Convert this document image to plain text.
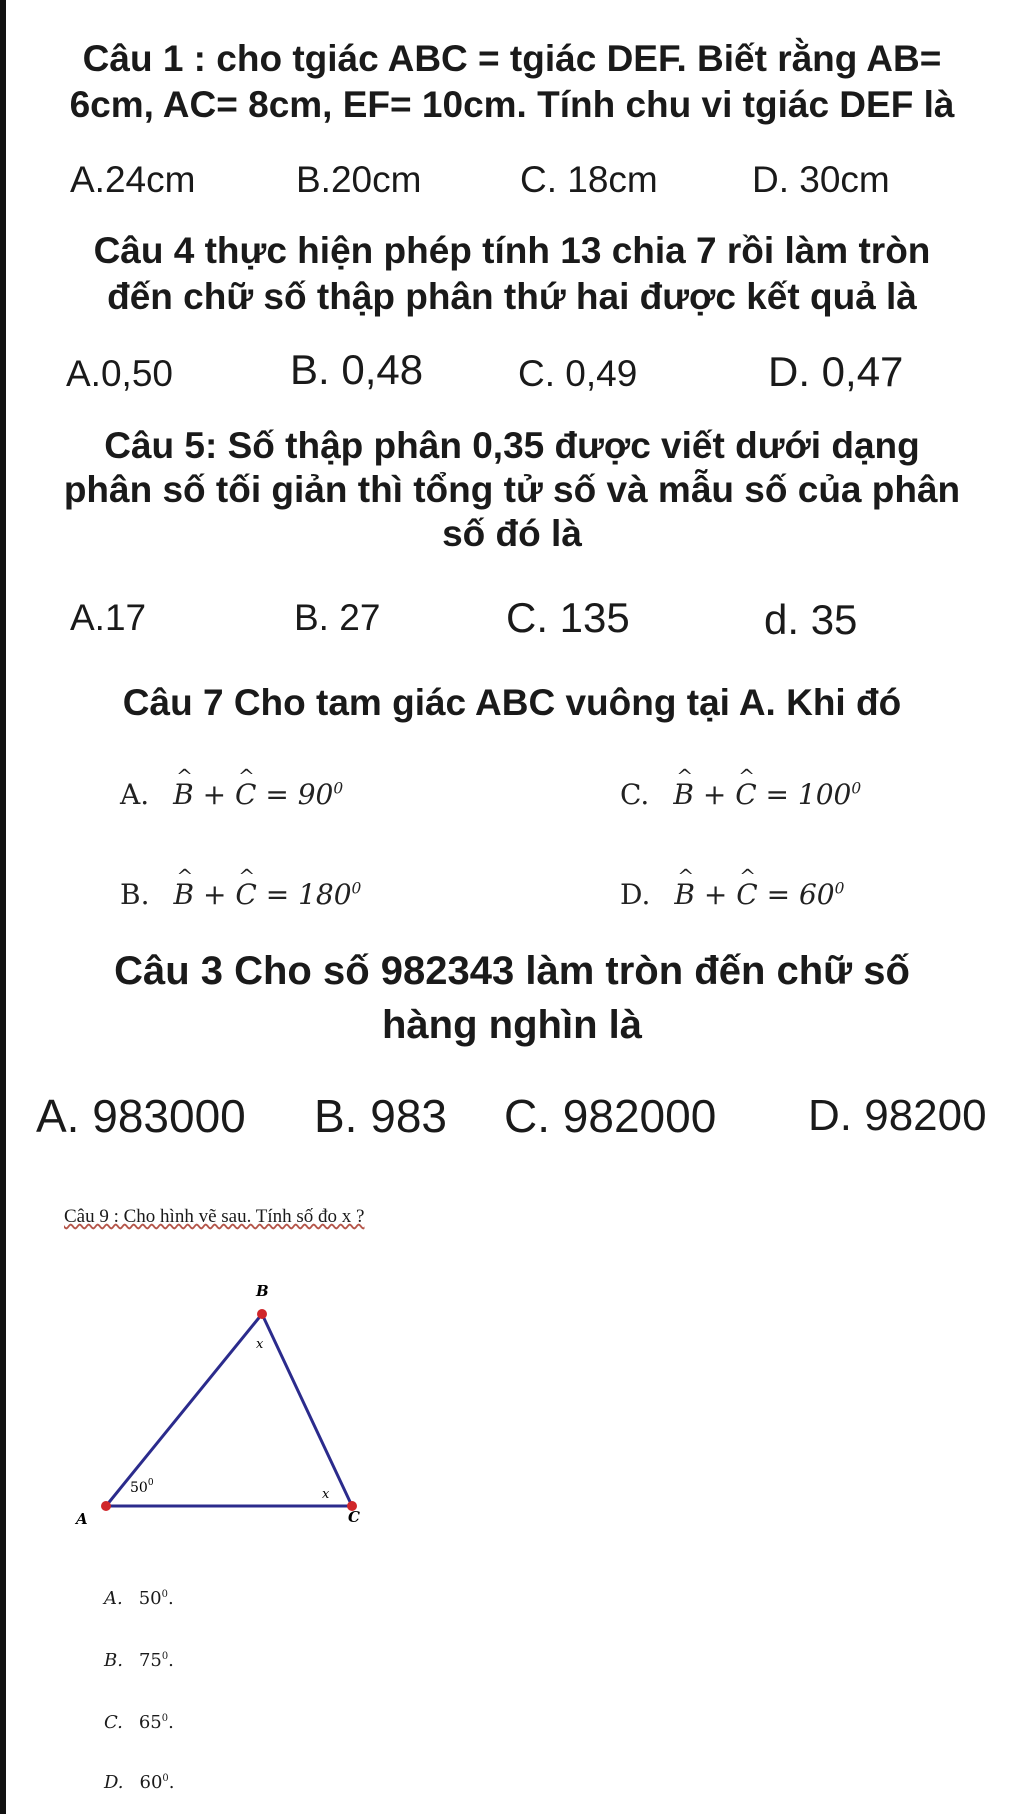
Câu 1 : cho tgiác ABC = tgiác DEF. Biết rằng AB=
6cm, AC= 8cm, EF= 10cm. Tính chu vi tgiác DEF là
A.24cm	B.20cm	C. 18cm	D. 30cm
Câu 4 thực hiện phép tính 13 chia 7 rồi làm tròn
đến chữ số thập phân thứ hai được kết quả là
A.0,50	B. 0,48	C. 0,49	D. 0,47
Câu 5: Số thập phân 0,35 được viết dưới dạng
phân số tối giản thì tổng tử số và mẫu số của phân
số đó là
A.17	B. 27	C. 135	d. 35
Câu 7 Cho tam giác ABC vuông tại A. Khi đó
A. ^ B + ^ $C = 90^0$	C. ^ B + ^ $C = 100^0$
B. ^ B + ^ $C = 180^0$	D. ^ B + ^ $C = 60^0$
Câu 3 Cho số 982343 làm tròn đến chữ số
hàng nghìn là
A. 983000 B. 983 C. 982000 D. 98200
Câu 9 : Cho hình vẽ sau. Tính số đo x ?
B
A	C
x
x
$50^0$
A. $50^0$.
B. $75^0$.
C. $65^0$.
D. $60^0$.
